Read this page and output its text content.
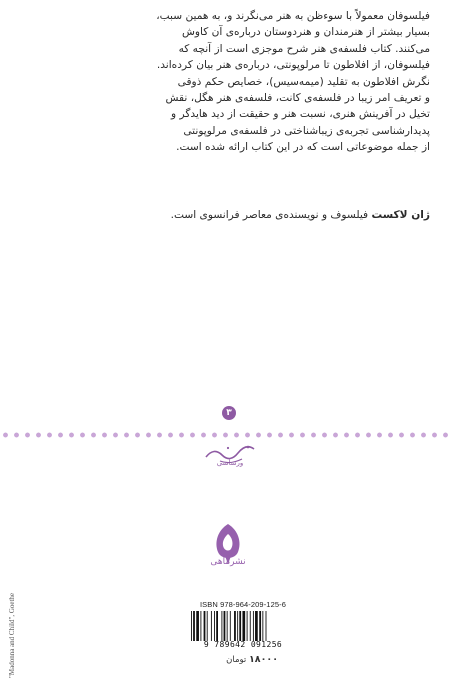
فیلسوفان معمولاً با سوءظن به هنر می‌نگرند و، به همین سبب،
بسیار بیشتر از هنرمندان و هنردوستان درباره‌ی آن کاوش
می‌کنند. کتاب فلسفه‌ی هنر شرح موجزی است از آنچه که
فیلسوفان، از افلاطون تا مرلوپونتی، درباره‌ی هنر بیان کرده‌اند.
نگرش افلاطون به تقلید (میمه‌سیس)، خصایص حکم ذوقی
و تعریف امر زیبا در فلسفه‌ی کانت، فلسفه‌ی هنر هگل، نقش
تخیل در آفرینش هنری، نسبت هنر و حقیقت از دید هایدگر و
پدیدارشناسی تجربه‌ی زیباشناختی در فلسفه‌ی مرلوپونتی
از جمله موضوعاتی است که در این کتاب ارائه شده است.
ژان لاکست فیلسوف و نویسنده‌ی معاصر فرانسوی است.
۳
ورساسی
نشرماهی
"Madonna and Child", Goethe	ISBN 978-964-209-125-6
9 789642 091256
۱۸۰۰۰ تومان
